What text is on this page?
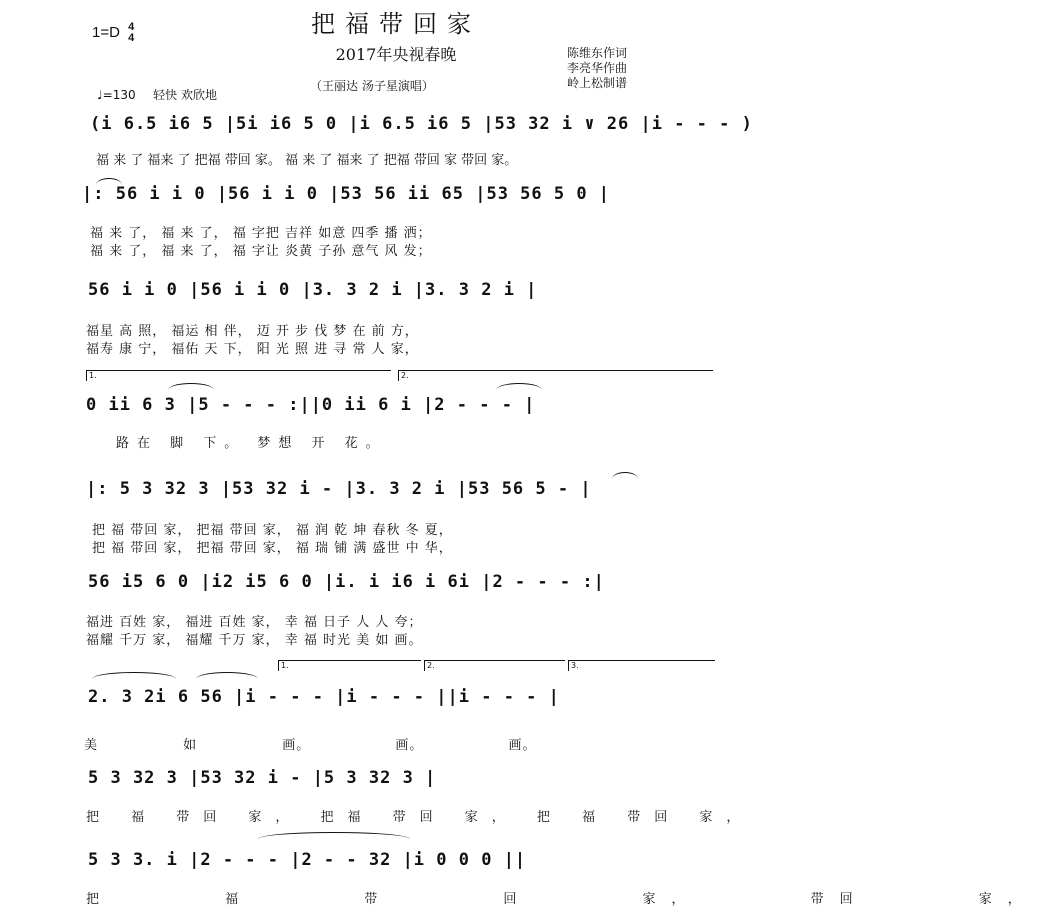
把福带回家
2017年央视春晚
1=D 4
4
（王丽达 汤子星演唱）
陈维东作词
李亮华作曲
岭上松制谱
♩=130 轻快 欢欣地
(i 6.5 i6 5 |5i i6 5 0 |i 6.5 i6 5 |53 32 i ∨ 26 |i - - - )
福 来 了 福来 了 把福 带回 家。 福 来 了 福来 了 把福 带回 家 带回 家。
|: 56 i i 0 |56 i i 0 |53 56 ii 65 |53 56 5 0 |
福 来 了， 福 来 了， 福 字把 吉祥 如意 四季 播 洒；
福 来 了， 福 来 了， 福 字让 炎黄 子孙 意气 风 发；
56 i i 0 |56 i i 0 |3. 3 2 i |3. 3 2 i |
福星 高 照， 福运 相 伴， 迈 开 步 伐 梦 在 前 方，
福寿 康 宁， 福佑 天 下， 阳 光 照 进 寻 常 人 家，
1.	2.
0 ii 6 3 |5 - - - :||0 ii 6 i |2 - - - |
路在 脚 下。 梦想 开 花。
|: 5 3 32 3 |53 32 i - |3. 3 2 i |53 56 5 - |
把 福 带回 家， 把福 带回 家， 福 润 乾 坤 春秋 冬 夏，
把 福 带回 家， 把福 带回 家， 福 瑞 铺 满 盛世 中 华，
56 i5 6 0 |i2 i5 6 0 |i. i i6 i 6i |2 - - - :|
福进 百姓 家， 福进 百姓 家， 幸 福 日子 人 人 夸；
福耀 千万 家， 福耀 千万 家， 幸 福 时光 美 如 画。
1.	2.	3.
2. 3 2i 6 56 |i - - - |i - - - ||i - - - |
美 如 画。 画。 画。
5 3 32 3 |53 32 i - |5 3 32 3 |
把 福 带回 家， 把福 带回 家， 把 福 带回 家，
5 3 3. i |2 - - - |2 - - 32 |i 0 0 0 ||
把 福 带 回 家， 带回 家，
